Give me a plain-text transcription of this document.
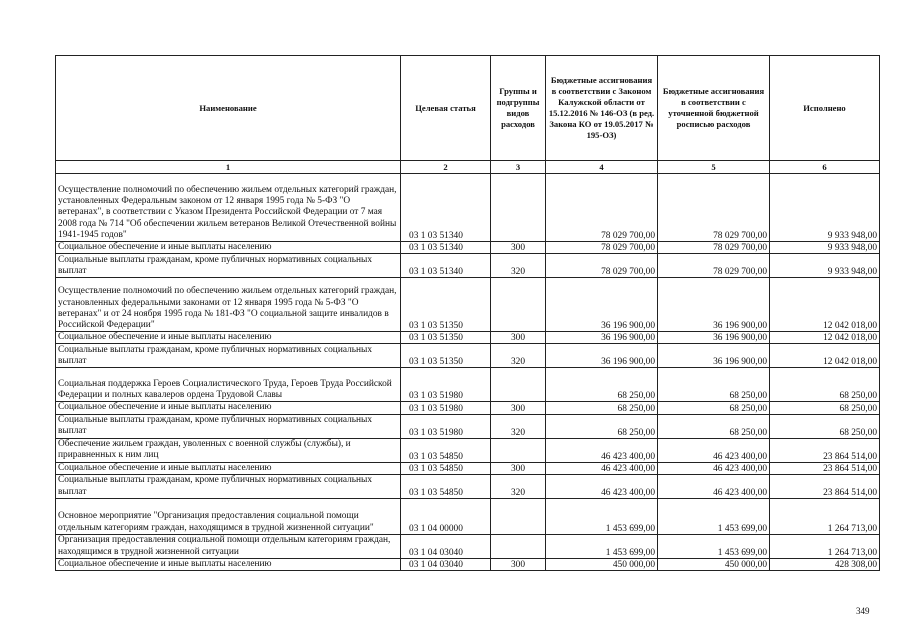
Наименование	Целевая статья	Группы и подгруппы видов расходов	Бюджетные ассигнования в соответствии с Законом Калужской области от 15.12.2016 № 146-ОЗ (в ред. Закона КО от 19.05.2017 № 195-ОЗ)	Бюджетные ассигнования в соответствии с уточненной бюджетной росписью расходов	Исполнено
1	2	3	4	5	6
Осуществление полномочий по обеспечению жильем отдельных категорий граждан, установленных Федеральным законом от 12 января 1995 года № 5-ФЗ "О ветеранах", в соответствии с Указом Президента Российской Федерации от 7 мая 2008 года № 714 "Об обеспечении жильем ветеранов Великой Отечественной войны 1941-1945 годов"	03 1 03 51340		78 029 700,00	78 029 700,00	9 933 948,00
Социальное обеспечение и иные выплаты населению	03 1 03 51340	300	78 029 700,00	78 029 700,00	9 933 948,00
Социальные выплаты гражданам, кроме публичных нормативных социальных выплат	03 1 03 51340	320	78 029 700,00	78 029 700,00	9 933 948,00
Осуществление полномочий по обеспечению жильем отдельных категорий граждан, установленных федеральными законами от 12 января 1995 года № 5-ФЗ "О ветеранах" и от 24 ноября 1995 года № 181-ФЗ "О социальной защите инвалидов в Российской Федерации"	03 1 03 51350		36 196 900,00	36 196 900,00	12 042 018,00
Социальное обеспечение и иные выплаты населению	03 1 03 51350	300	36 196 900,00	36 196 900,00	12 042 018,00
Социальные выплаты гражданам, кроме публичных нормативных социальных выплат	03 1 03 51350	320	36 196 900,00	36 196 900,00	12 042 018,00
Социальная поддержка Героев Социалистического Труда, Героев Труда Российской Федерации и полных кавалеров ордена Трудовой Славы	03 1 03 51980		68 250,00	68 250,00	68 250,00
Социальное обеспечение и иные выплаты населению	03 1 03 51980	300	68 250,00	68 250,00	68 250,00
Социальные выплаты гражданам, кроме публичных нормативных социальных выплат	03 1 03 51980	320	68 250,00	68 250,00	68 250,00
Обеспечение жильем граждан, уволенных с военной службы (службы), и приравненных к ним лиц	03 1 03 54850		46 423 400,00	46 423 400,00	23 864 514,00
Социальное обеспечение и иные выплаты населению	03 1 03 54850	300	46 423 400,00	46 423 400,00	23 864 514,00
Социальные выплаты гражданам, кроме публичных нормативных социальных выплат	03 1 03 54850	320	46 423 400,00	46 423 400,00	23 864 514,00
Основное мероприятие "Организация предоставления социальной помощи отдельным категориям граждан, находящимся в трудной жизненной ситуации"	03 1 04 00000		1 453 699,00	1 453 699,00	1 264 713,00
Организация предоставления социальной помощи отдельным категориям граждан, находящимся в трудной жизненной ситуации	03 1 04 03040		1 453 699,00	1 453 699,00	1 264 713,00
Социальное обеспечение и иные выплаты населению	03 1 04 03040	300	450 000,00	450 000,00	428 308,00
349
